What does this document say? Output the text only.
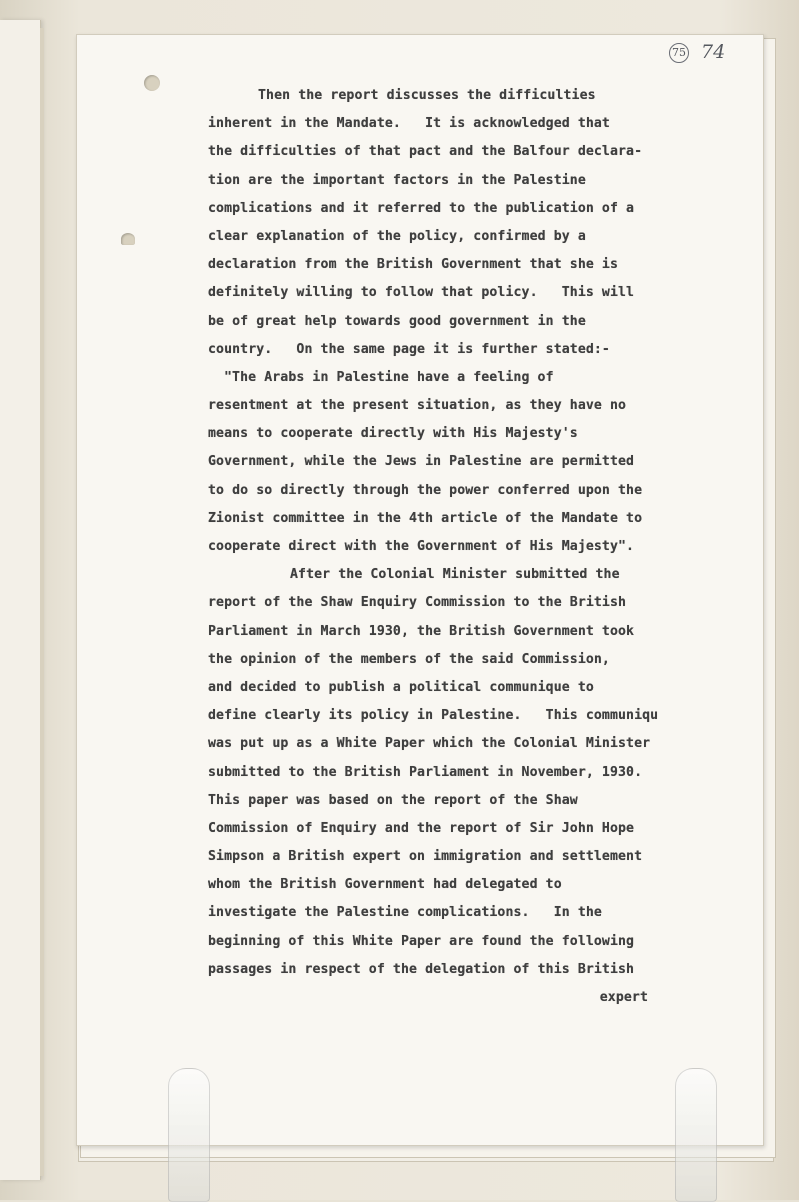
75 74
Then the report discusses the difficulties
inherent in the Mandate.   It is acknowledged that
the difficulties of that pact and the Balfour declara-
tion are the important factors in the Palestine
complications and it referred to the publication of a
clear explanation of the policy, confirmed by a
declaration from the British Government that she is
definitely willing to follow that policy.   This will
be of great help towards good government in the
country.   On the same page it is further stated:-
"The Arabs in Palestine have a feeling of
resentment at the present situation, as they have no
means to cooperate directly with His Majesty's
Government, while the Jews in Palestine are permitted
to do so directly through the power conferred upon the
Zionist committee in the 4th article of the Mandate to
cooperate direct with the Government of His Majesty".
After the Colonial Minister submitted the
report of the Shaw Enquiry Commission to the British
Parliament in March 1930, the British Government took
the opinion of the members of the said Commission,
and decided to publish a political communique to
define clearly its policy in Palestine.   This communiqu
was put up as a White Paper which the Colonial Minister
submitted to the British Parliament in November, 1930.
This paper was based on the report of the Shaw
Commission of Enquiry and the report of Sir John Hope
Simpson a British expert on immigration and settlement
whom the British Government had delegated to
investigate the Palestine complications.   In the
beginning of this White Paper are found the following
passages in respect of the delegation of this British
expert
